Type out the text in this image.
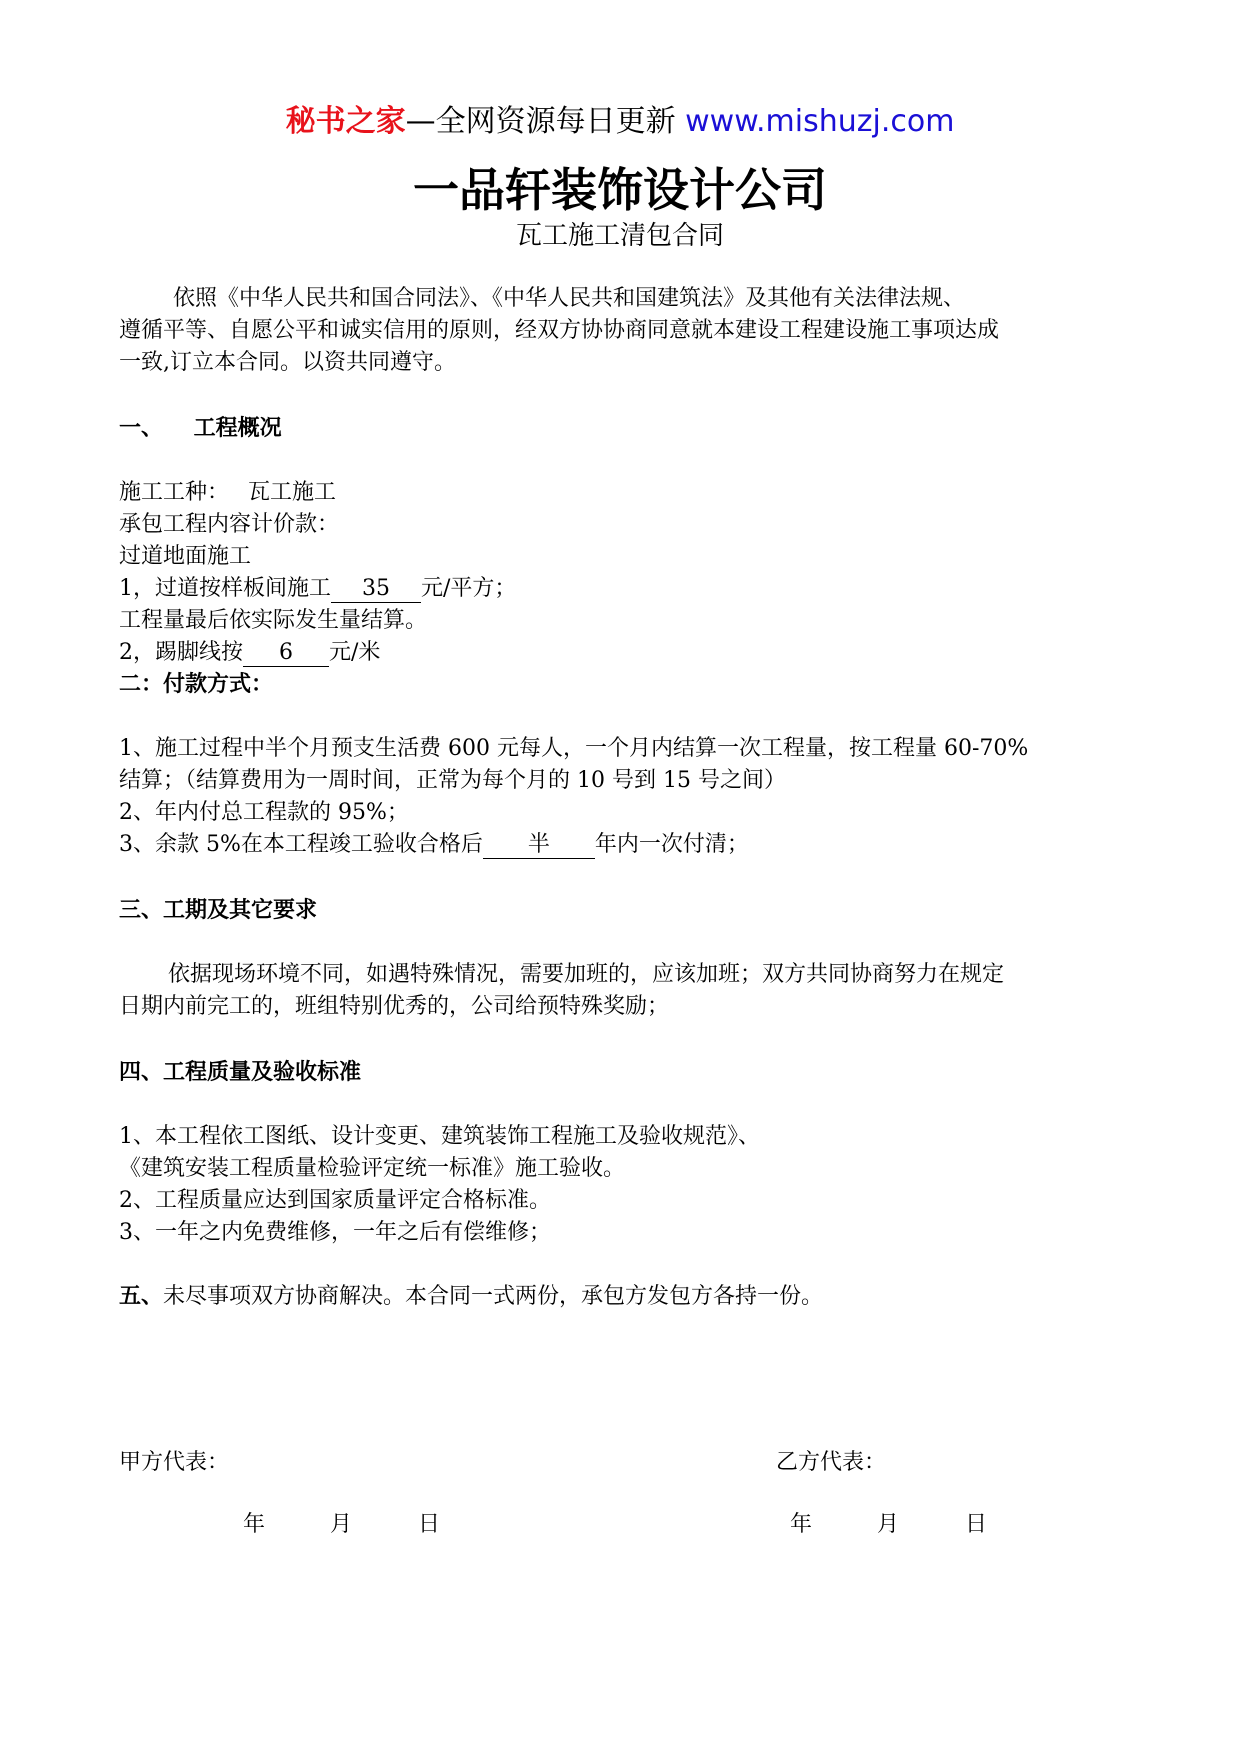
秘书之家—全网资源每日更新 www.mishuzj.com
一品轩装饰设计公司
瓦工施工清包合同
依照《中华人民共和国合同法》、《中华人民共和国建筑法》及其他有关法律法规、
遵循平等、自愿公平和诚实信用的原则，经双方协协商同意就本建设工程建设施工事项达成
一致,订立本合同。以资共同遵守。
一、    工程概况
施工工种： 瓦工施工
承包工程内容计价款：
过道地面施工
1，过道按样板间施工 35 元/平方；
工程量最后依实际发生量结算。
2，踢脚线按 6 元/米
二：付款方式：
1、施工过程中半个月预支生活费 600 元每人，一个月内结算一次工程量，按工程量 60-70%
结算；（结算费用为一周时间，正常为每个月的 10 号到 15 号之间）
2、年内付总工程款的 95%；
3、余款 5%在本工程竣工验收合格后 半 年内一次付清；
三、工期及其它要求
依据现场环境不同，如遇特殊情况，需要加班的，应该加班；双方共同协商努力在规定
日期内前完工的，班组特别优秀的，公司给预特殊奖励；
四、工程质量及验收标准
1、本工程依工图纸、设计变更、建筑装饰工程施工及验收规范》、
《建筑安装工程质量检验评定统一标准》施工验收。
2、工程质量应达到国家质量评定合格标准。
3、一年之内免费维修，一年之后有偿维修；
五、未尽事项双方协商解决。本合同一式两份，承包方发包方各持一份。
甲方代表：	乙方代表：
年	月	日	年	月	日
